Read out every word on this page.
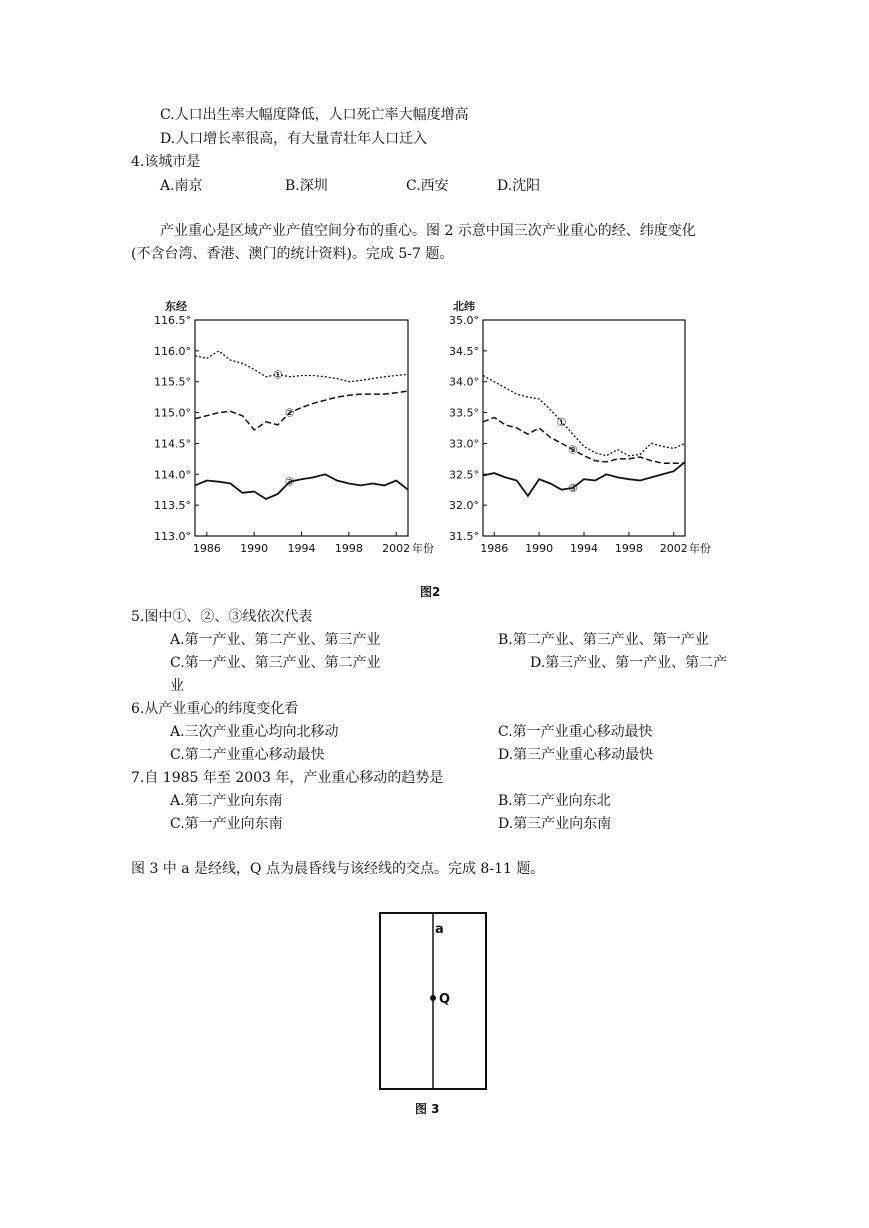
C.人口出生率大幅度降低，人口死亡率大幅度增高
D.人口增长率很高，有大量青壮年人口迁入
4.该城市是
A.南京	B.深圳	C.西安	D.沈阳
产业重心是区域产业产值空间分布的重心。图 2 示意中国三次产业重心的经、纬度变化
(不含台湾、香港、澳门的统计资料)。完成 5-7 题。
116.5°
116.0°
115.5°
115.0°
114.5°
114.0°
113.5°
113.0°
1986 1990 1994 1998 2002
东经
年份
①
②
③
35.0°
34.5°
34.0°
33.5°
33.0°
32.5°
32.0°
31.5°
1986 1990 1994 1998 2002
北纬
年份
①
②
③
图2
5.图中①、②、③线依次代表
A.第一产业、第二产业、第三产业	B.第二产业、第三产业、第一产业
C.第一产业、第三产业、第二产业	D.第三产业、第一产业、第二产
业
6.从产业重心的纬度变化看
A.三次产业重心均向北移动	C.第一产业重心移动最快
C.第二产业重心移动最快	D.第三产业重心移动最快
7.自 1985 年至 2003 年，产业重心移动的趋势是
A.第二产业向东南	B.第二产业向东北
C.第一产业向东南	D.第三产业向东南
图 3 中 a 是经线，Q 点为晨昏线与该经线的交点。完成 8-11 题。
a
Q
图 3
